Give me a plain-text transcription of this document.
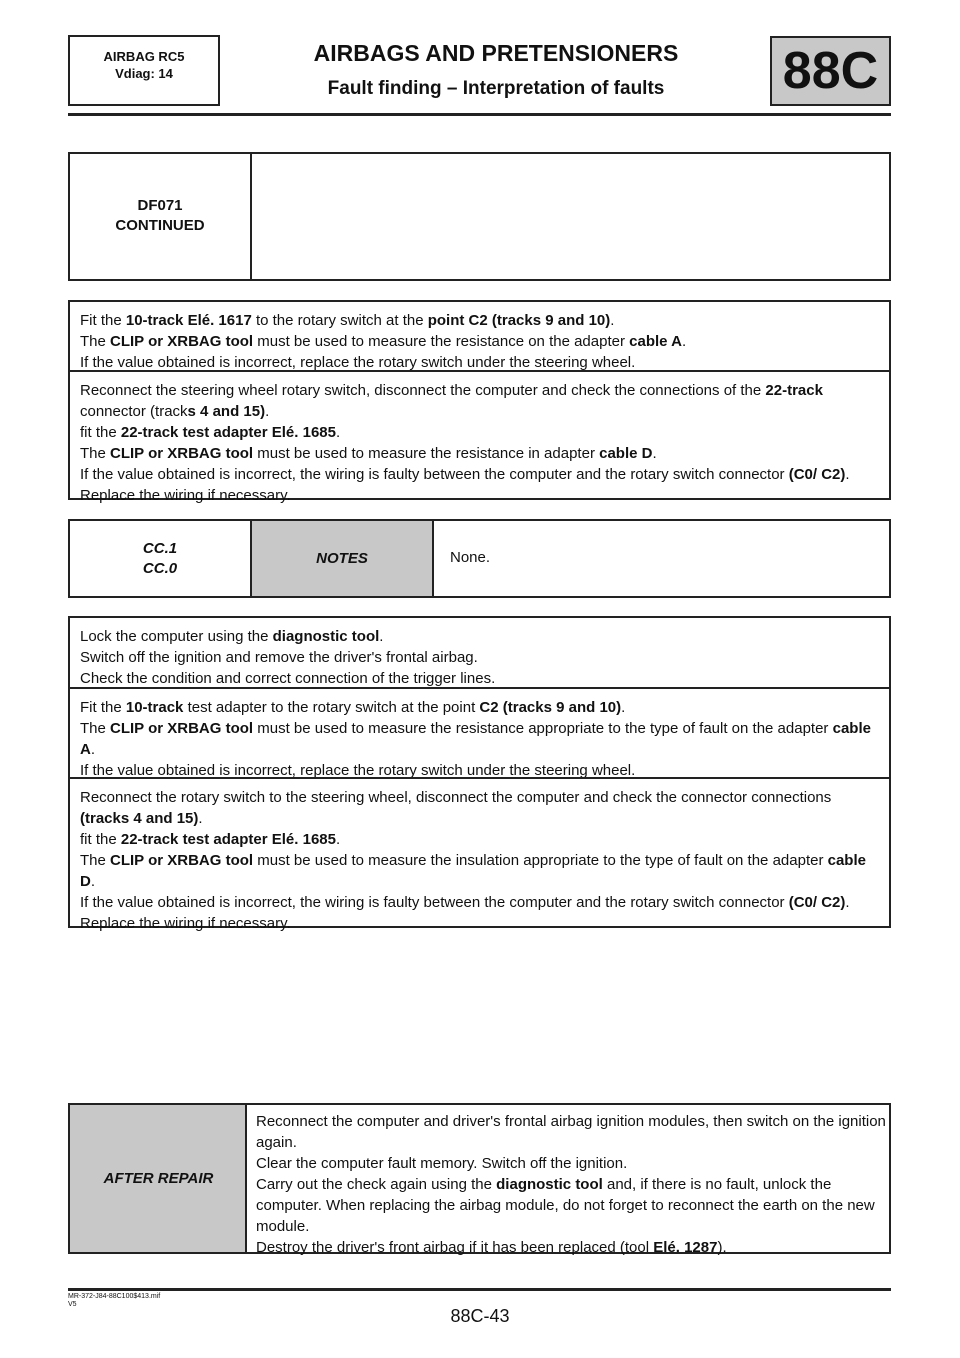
AIRBAG RC5
Vdiag: 14
AIRBAGS AND PRETENSIONERS
Fault finding – Interpretation of faults	88C
DF071
CONTINUED

Fit the 10-track Elé. 1617 to the rotary switch at the point C2 (tracks 9 and 10).

The CLIP or XRBAG tool must be used to measure the resistance on the adapter cable A.

If the value obtained is incorrect, replace the rotary switch under the steering wheel.

Reconnect the steering wheel rotary switch, disconnect the computer and check the connections of the 22-track connector (tracks 4 and 15).

fit the 22-track test adapter Elé. 1685.

The CLIP or XRBAG tool must be used to measure the resistance in adapter cable D.

If the value obtained is incorrect, the wiring is faulty between the computer and the rotary switch connector (C0/ C2). Replace the wiring if necessary.

CC.1
CC.0
NOTES	None.

Lock the computer using the diagnostic tool.

Switch off the ignition and remove the driver's frontal airbag.

Check the condition and correct connection of the trigger lines.

Fit the 10-track test adapter to the rotary switch at the point C2 (tracks 9 and 10).

The CLIP or XRBAG tool must be used to measure the resistance appropriate to the type of fault on the adapter cable A.

If the value obtained is incorrect, replace the rotary switch under the steering wheel.

Reconnect the rotary switch to the steering wheel, disconnect the computer and check the connector connections (tracks 4 and 15).

fit the 22-track test adapter Elé. 1685.

The CLIP or XRBAG tool must be used to measure the insulation appropriate to the type of fault on the adapter cable D.

If the value obtained is incorrect, the wiring is faulty between the computer and the rotary switch connector (C0/ C2). Replace the wiring if necessary.

AFTER REPAIR

Reconnect the computer and driver's frontal airbag ignition modules, then switch on the ignition again.

Clear the computer fault memory. Switch off the ignition.

Carry out the check again using the diagnostic tool and, if there is no fault, unlock the computer. When replacing the airbag module, do not forget to reconnect the earth on the new module.

Destroy the driver's front airbag if it has been replaced (tool Elé. 1287).

MR-372-J84-88C100$413.mif
V5
88C-43
